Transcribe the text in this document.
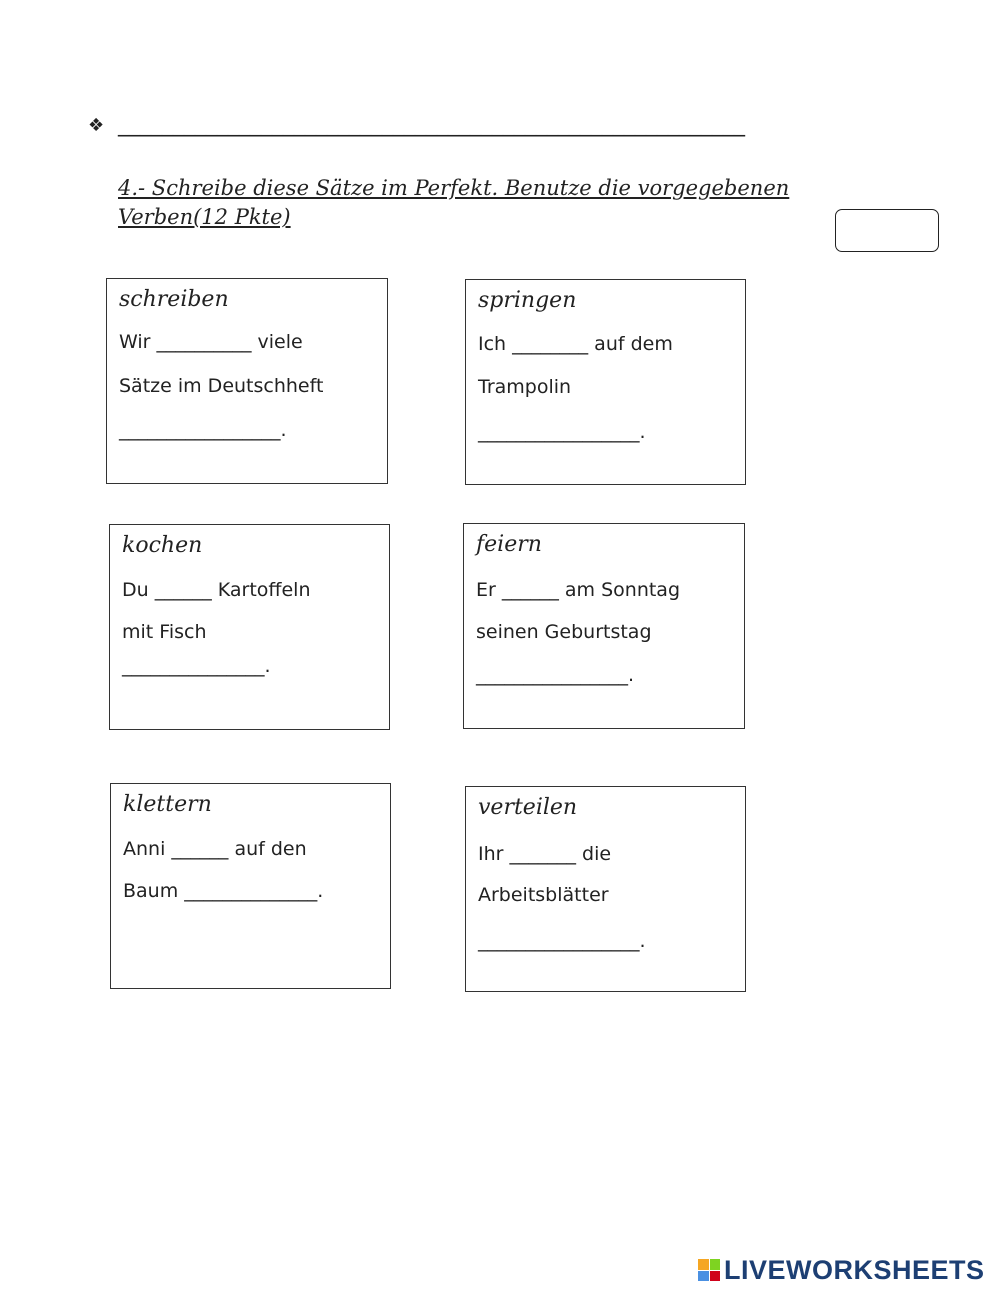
❖ _________________________________________________________
4.- Schreibe diese Sätze im Perfekt. Benutze die vorgegebenen Verben(12 Pkte)
schreiben
Wir __________ viele
Sätze im Deutschheft
_________________.
springen
Ich ________ auf dem
Trampolin
_________________.
kochen
Du ______ Kartoffeln
mit Fisch
_______________.
feiern
Er ______ am Sonntag
seinen Geburtstag
________________.
klettern
Anni ______ auf den
Baum ______________.
verteilen
Ihr _______ die
Arbeitsblätter
_________________.
LIVEWORKSHEETS
